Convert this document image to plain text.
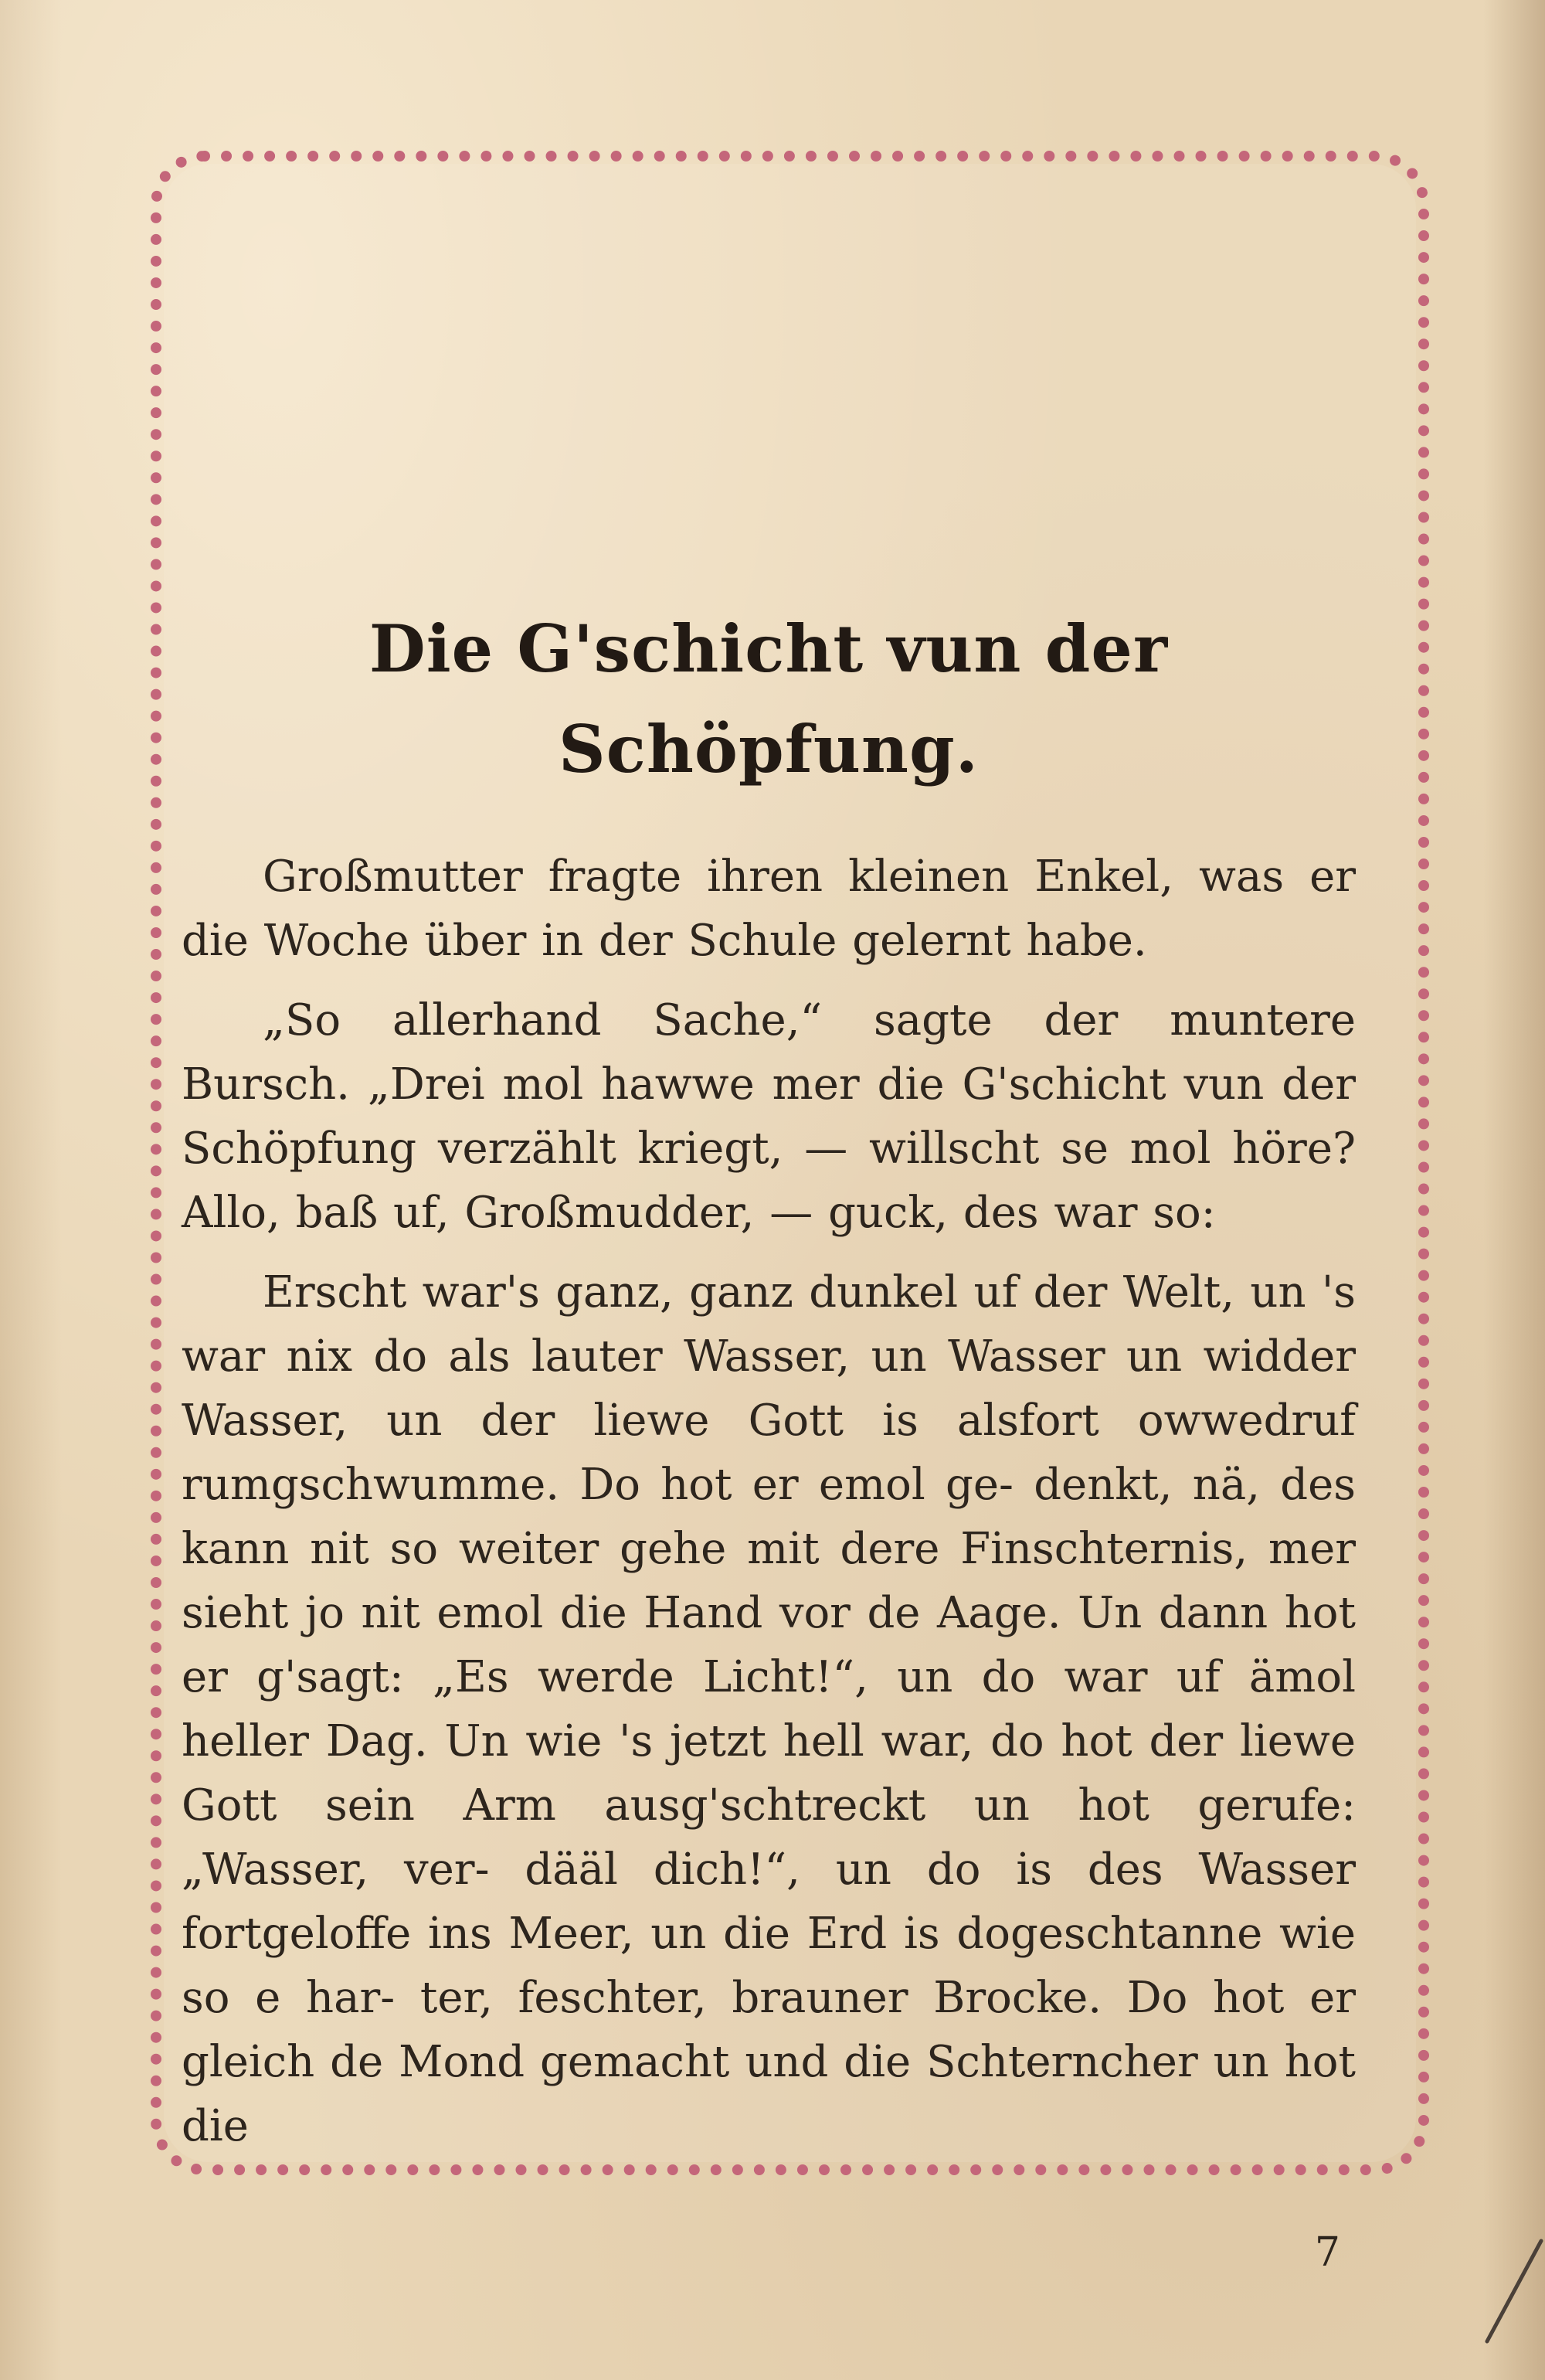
Die G'schicht vun der Schöpfung.

Großmutter fragte ihren kleinen Enkel, was er die Woche über in der Schule gelernt habe.

„So allerhand Sache,“ sagte der muntere Bursch. „Drei mol hawwe mer die G'schicht vun der Schöpfung verzählt kriegt, — willscht se mol höre? Allo, baß uf, Großmudder, — guck, des war so:

Erscht war's ganz, ganz dunkel uf der Welt, un 's war nix do als lauter Wasser, un Wasser un widder Wasser, un der liewe Gott is alsfort owwedruf rumgschwumme. Do hot er emol ge- denkt, nä, des kann nit so weiter gehe mit dere Finschternis, mer sieht jo nit emol die Hand vor de Aage. Un dann hot er g'sagt: „Es werde Licht!“, un do war uf ämol heller Dag. Un wie 's jetzt hell war, do hot der liewe Gott sein Arm ausg'schtreckt un hot gerufe: „Wasser, ver- dääl dich!“, un do is des Wasser fortgeloffe ins Meer, un die Erd is dogeschtanne wie so e har- ter, feschter, brauner Brocke. Do hot er gleich de Mond gemacht und die Schterncher un hot die

7
